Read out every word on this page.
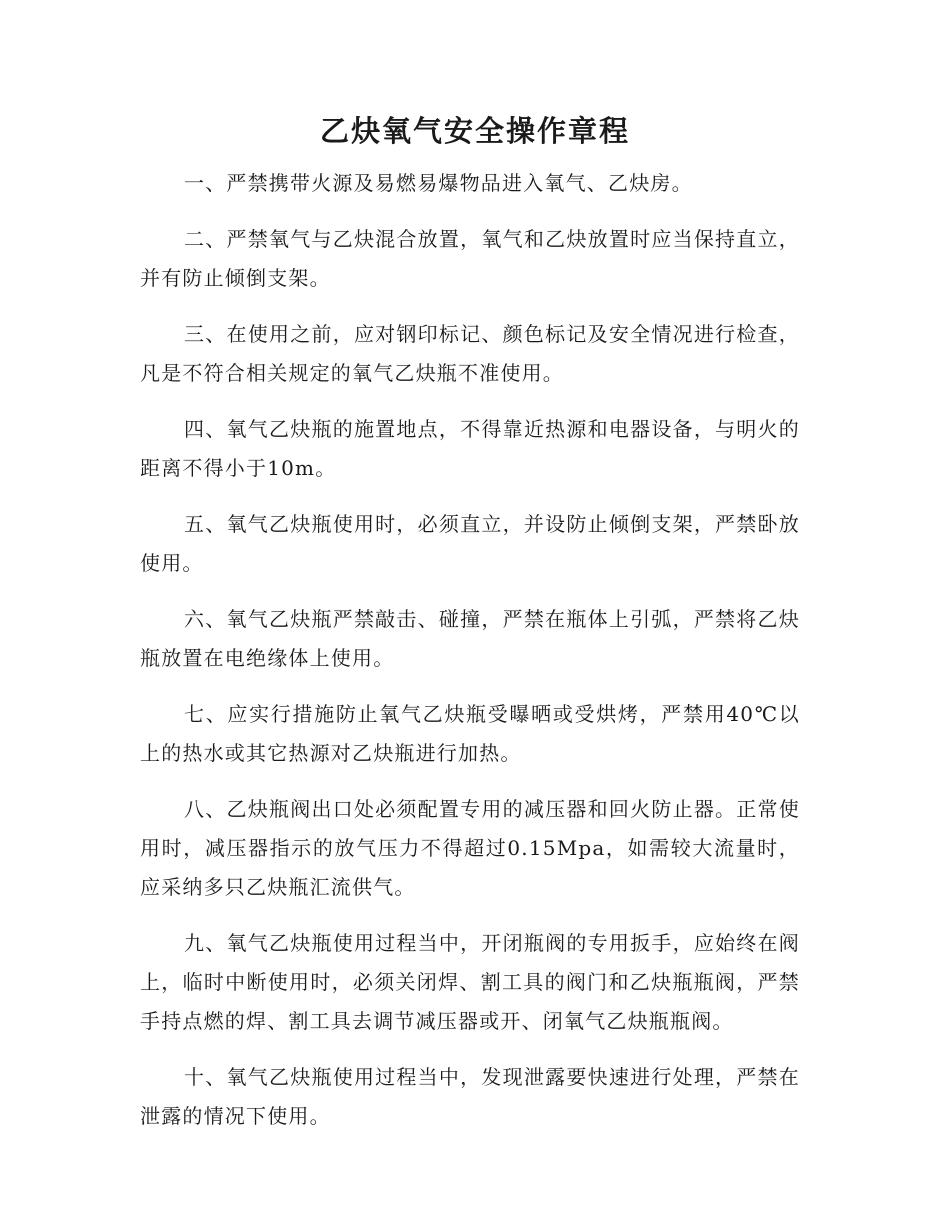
乙炔氧气安全操作章程

一、严禁携带火源及易燃易爆物品进入氧气、乙炔房。

二、严禁氧气与乙炔混合放置，氧气和乙炔放置时应当保持直立，并有防止倾倒支架。

三、在使用之前，应对钢印标记、颜色标记及安全情况进行检查，凡是不符合相关规定的氧气乙炔瓶不准使用。

四、氧气乙炔瓶的施置地点，不得靠近热源和电器设备，与明火的距离不得小于10m。

五、氧气乙炔瓶使用时，必须直立，并设防止倾倒支架，严禁卧放使用。

六、氧气乙炔瓶严禁敲击、碰撞，严禁在瓶体上引弧，严禁将乙炔瓶放置在电绝缘体上使用。

七、应实行措施防止氧气乙炔瓶受曝晒或受烘烤，严禁用40℃以上的热水或其它热源对乙炔瓶进行加热。

八、乙炔瓶阀出口处必须配置专用的减压器和回火防止器。正常使用时，减压器指示的放气压力不得超过0.15Mpa，如需较大流量时，应采纳多只乙炔瓶汇流供气。

九、氧气乙炔瓶使用过程当中，开闭瓶阀的专用扳手，应始终在阀上，临时中断使用时，必须关闭焊、割工具的阀门和乙炔瓶瓶阀，严禁手持点燃的焊、割工具去调节减压器或开、闭氧气乙炔瓶瓶阀。

十、氧气乙炔瓶使用过程当中，发现泄露要快速进行处理，严禁在泄露的情况下使用。
